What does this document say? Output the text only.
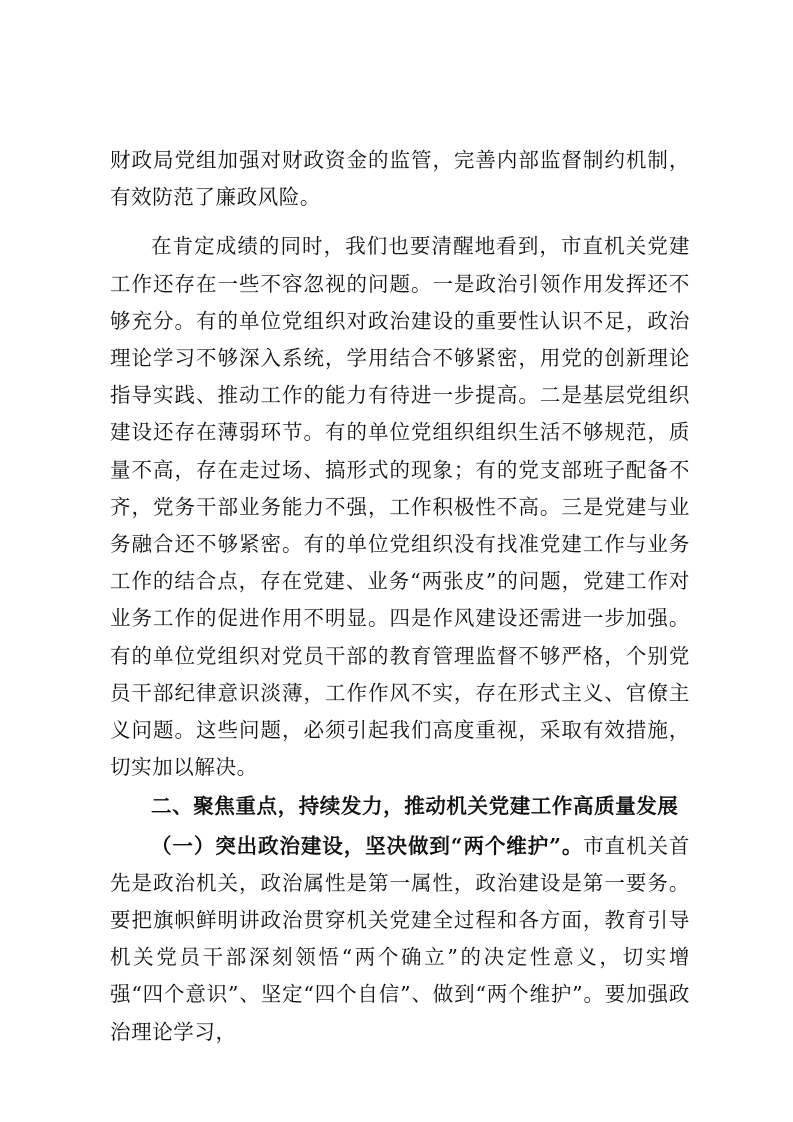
财政局党组加强对财政资金的监管，完善内部监督制约机制，有效防范了廉政风险。

在肯定成绩的同时，我们也要清醒地看到，市直机关党建工作还存在一些不容忽视的问题。一是政治引领作用发挥还不够充分。有的单位党组织对政治建设的重要性认识不足，政治理论学习不够深入系统，学用结合不够紧密，用党的创新理论指导实践、推动工作的能力有待进一步提高。二是基层党组织建设还存在薄弱环节。有的单位党组织组织生活不够规范，质量不高，存在走过场、搞形式的现象；有的党支部班子配备不齐，党务干部业务能力不强，工作积极性不高。三是党建与业务融合还不够紧密。有的单位党组织没有找准党建工作与业务工作的结合点，存在党建、业务“两张皮”的问题，党建工作对业务工作的促进作用不明显。四是作风建设还需进一步加强。有的单位党组织对党员干部的教育管理监督不够严格，个别党员干部纪律意识淡薄，工作作风不实，存在形式主义、官僚主义问题。这些问题，必须引起我们高度重视，采取有效措施，切实加以解决。

二、聚焦重点，持续发力，推动机关党建工作高质量发展

（一）突出政治建设，坚决做到“两个维护”。市直机关首先是政治机关，政治属性是第一属性，政治建设是第一要务。要把旗帜鲜明讲政治贯穿机关党建全过程和各方面，教育引导机关党员干部深刻领悟“两个确立”的决定性意义，切实增强“四个意识”、坚定“四个自信”、做到“两个维护”。要加强政治理论学习，
